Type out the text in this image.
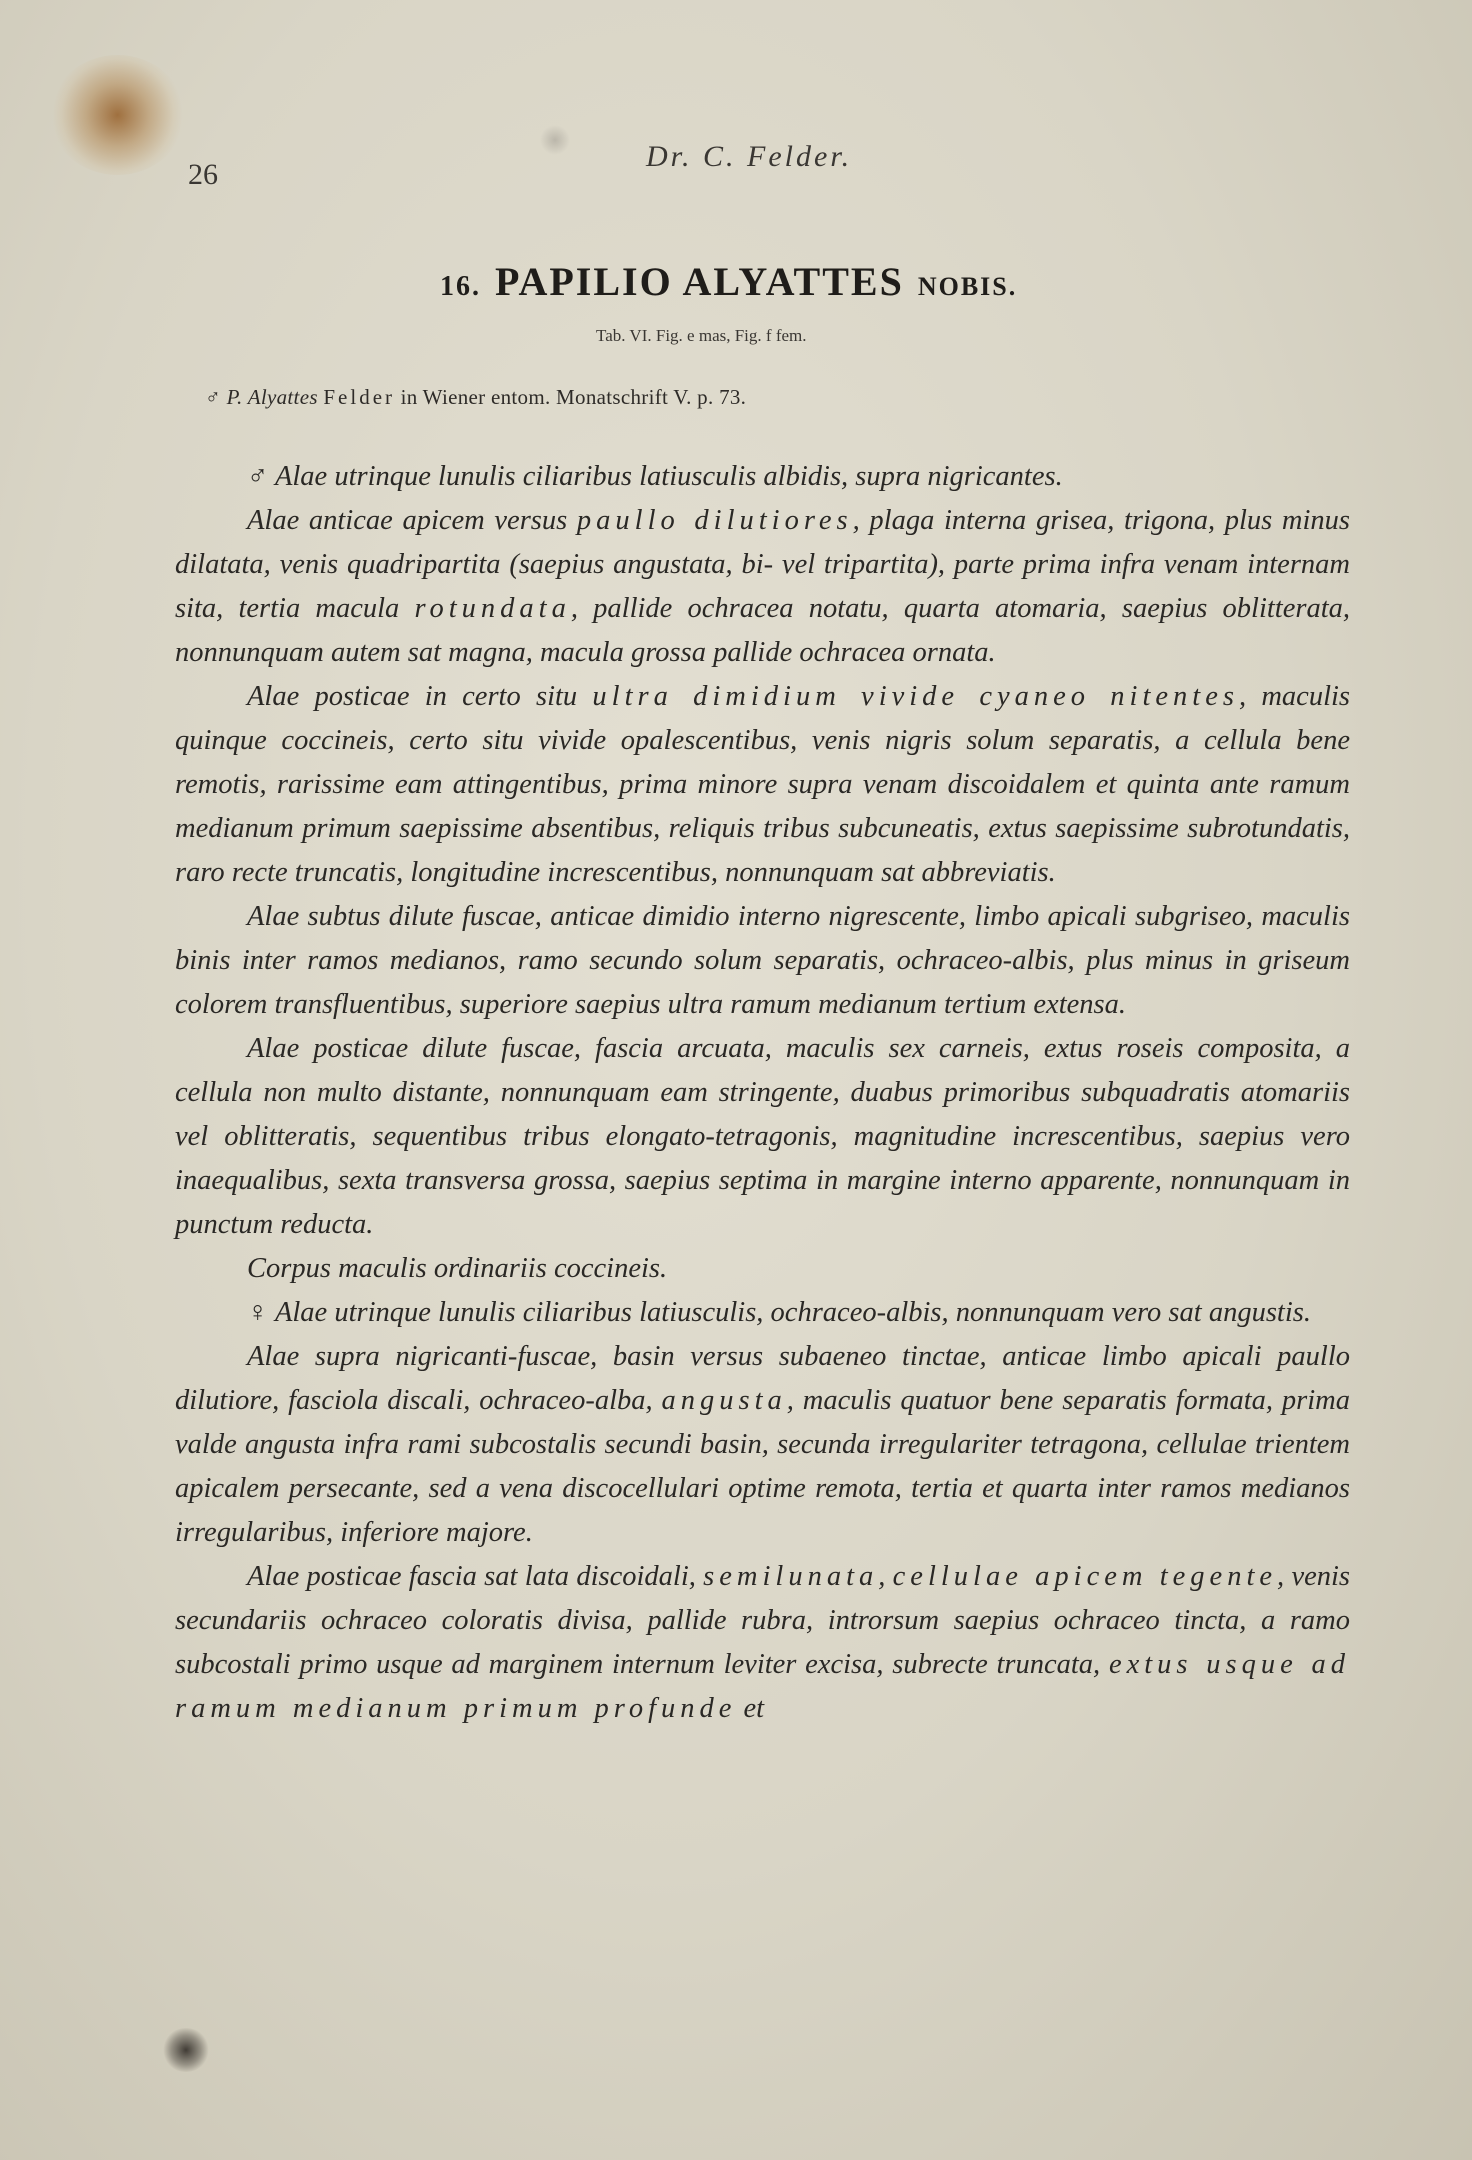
26
Dr. C. Felder.
16. PAPILIO ALYATTES NOBIS.
Tab. VI. Fig. e mas, Fig. f fem.
♂ P. Alyattes Felder in Wiener entom. Monatschrift V. p. 73.

♂ Alae utrinque lunulis ciliaribus latiusculis albidis, supra nigricantes.

Alae anticae apicem versus paullo dilutiores, plaga interna grisea, trigona, plus minus dilatata, venis quadripartita (saepius angustata, bi- vel tripartita), parte prima infra venam internam sita, tertia macula rotundata, pallide ochracea notatu, quarta atomaria, saepius oblitterata, nonnunquam autem sat magna, macula grossa pallide ochracea ornata.

Alae posticae in certo situ ultra dimidium vivide cyaneo nitentes, maculis quinque coccineis, certo situ vivide opalescentibus, venis nigris solum separatis, a cellula bene remotis, rarissime eam attingentibus, prima minore supra venam discoidalem et quinta ante ramum medianum primum saepissime absentibus, reliquis tribus subcuneatis, extus saepissime subrotundatis, raro recte truncatis, longitudine increscentibus, nonnunquam sat abbreviatis.

Alae subtus dilute fuscae, anticae dimidio interno nigrescente, limbo apicali subgriseo, maculis binis inter ramos medianos, ramo secundo solum separatis, ochraceo-albis, plus minus in griseum colorem transfluentibus, superiore saepius ultra ramum medianum tertium extensa.

Alae posticae dilute fuscae, fascia arcuata, maculis sex carneis, extus roseis composita, a cellula non multo distante, nonnunquam eam stringente, duabus primoribus subquadratis atomariis vel oblitteratis, sequentibus tribus elongato-tetragonis, magnitudine increscentibus, saepius vero inaequalibus, sexta transversa grossa, saepius septima in margine interno apparente, nonnunquam in punctum reducta.

Corpus maculis ordinariis coccineis.

♀ Alae utrinque lunulis ciliaribus latiusculis, ochraceo-albis, nonnunquam vero sat angustis.

Alae supra nigricanti-fuscae, basin versus subaeneo tinctae, anticae limbo apicali paullo dilutiore, fasciola discali, ochraceo-alba, angusta, maculis quatuor bene separatis formata, prima valde angusta infra rami subcostalis secundi basin, secunda irregulariter tetragona, cellulae trientem apicalem persecante, sed a vena discocellulari optime remota, tertia et quarta inter ramos medianos irregularibus, inferiore majore.

Alae posticae fascia sat lata discoidali, semilunata, cellulae apicem tegente, venis secundariis ochraceo coloratis divisa, pallide rubra, introrsum saepius ochraceo tincta, a ramo subcostali primo usque ad marginem internum leviter excisa, subrecte truncata, extus usque ad ramum medianum primum profunde et
